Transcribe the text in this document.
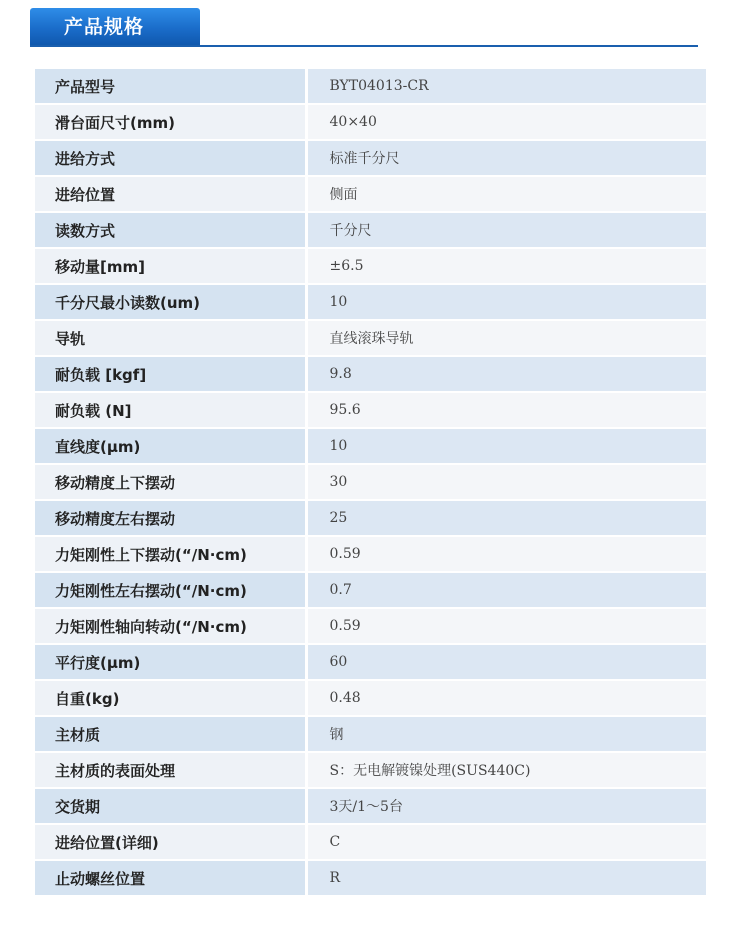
产品规格
产品型号	BYT04013-CR
滑台面尺寸(mm)	40×40
进给方式	标准千分尺
进给位置	侧面
读数方式	千分尺
移动量[mm]	±6.5
千分尺最小读数(um)	10
导轨	直线滚珠导轨
耐负载 [kgf]	9.8
耐负载 (N]	95.6
直线度(μm)	10
移动精度上下摆动	30
移动精度左右摆动	25
力矩刚性上下摆动(“/N·cm)	0.59
力矩刚性左右摆动(“/N·cm)	0.7
力矩刚性轴向转动(“/N·cm)	0.59
平行度(μm)	60
自重(kg)	0.48
主材质	钢
主材质的表面处理	S：无电解镀镍处理(SUS440C)
交货期	3天/1～5台
进给位置(详细)	C
止动螺丝位置	R
